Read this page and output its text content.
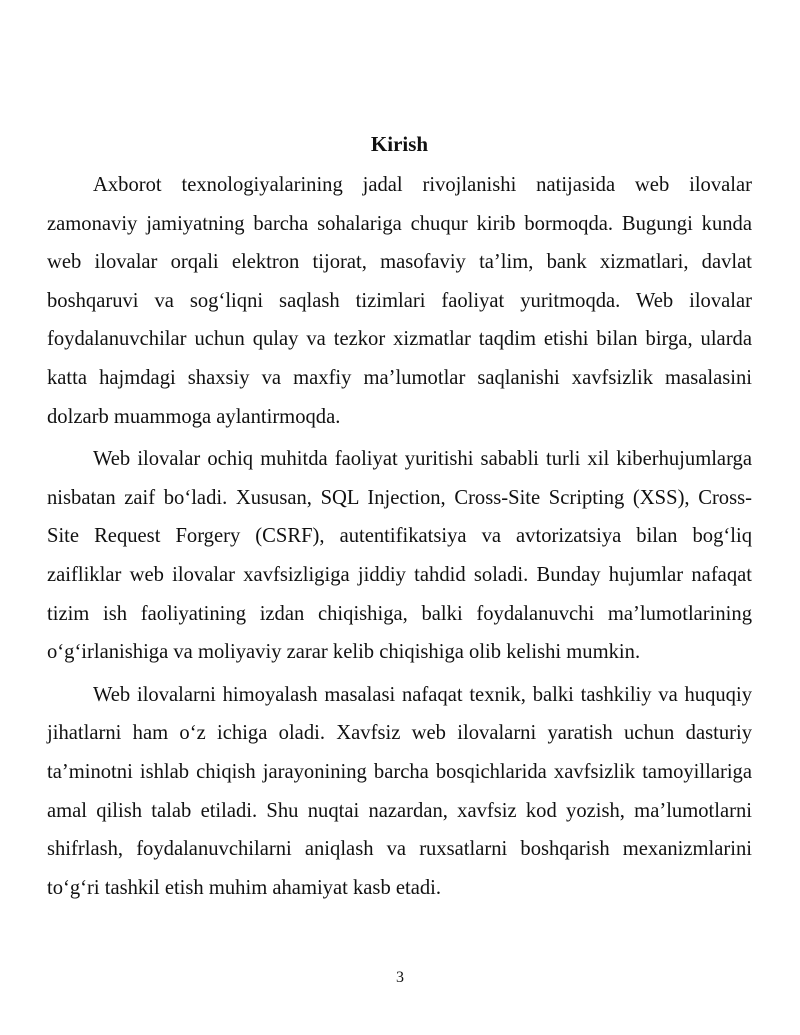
Kirish

Axborot texnologiyalarining jadal rivojlanishi natijasida web ilovalar zamonaviy jamiyatning barcha sohalariga chuqur kirib bormoqda. Bugungi kunda web ilovalar orqali elektron tijorat, masofaviy ta’lim, bank xizmatlari, davlat boshqaruvi va sog‘liqni saqlash tizimlari faoliyat yuritmoqda. Web ilovalar foydalanuvchilar uchun qulay va tezkor xizmatlar taqdim etishi bilan birga, ularda katta hajmdagi shaxsiy va maxfiy ma’lumotlar saqlanishi xavfsizlik masalasini dolzarb muammoga aylantirmoqda.

Web ilovalar ochiq muhitda faoliyat yuritishi sababli turli xil kiberhujumlarga nisbatan zaif bo‘ladi. Xususan, SQL Injection, Cross-Site Scripting (XSS), Cross-Site Request Forgery (CSRF), autentifikatsiya va avtorizatsiya bilan bog‘liq zaifliklar web ilovalar xavfsizligiga jiddiy tahdid soladi. Bunday hujumlar nafaqat tizim ish faoliyatining izdan chiqishiga, balki foydalanuvchi ma’lumotlarining o‘g‘irlanishiga va moliyaviy zarar kelib chiqishiga olib kelishi mumkin.

Web ilovalarni himoyalash masalasi nafaqat texnik, balki tashkiliy va huquqiy jihatlarni ham o‘z ichiga oladi. Xavfsiz web ilovalarni yaratish uchun dasturiy ta’minotni ishlab chiqish jarayonining barcha bosqichlarida xavfsizlik tamoyillariga amal qilish talab etiladi. Shu nuqtai nazardan, xavfsiz kod yozish, ma’lumotlarni shifrlash, foydalanuvchilarni aniqlash va ruxsatlarni boshqarish mexanizmlarini to‘g‘ri tashkil etish muhim ahamiyat kasb etadi.

3
